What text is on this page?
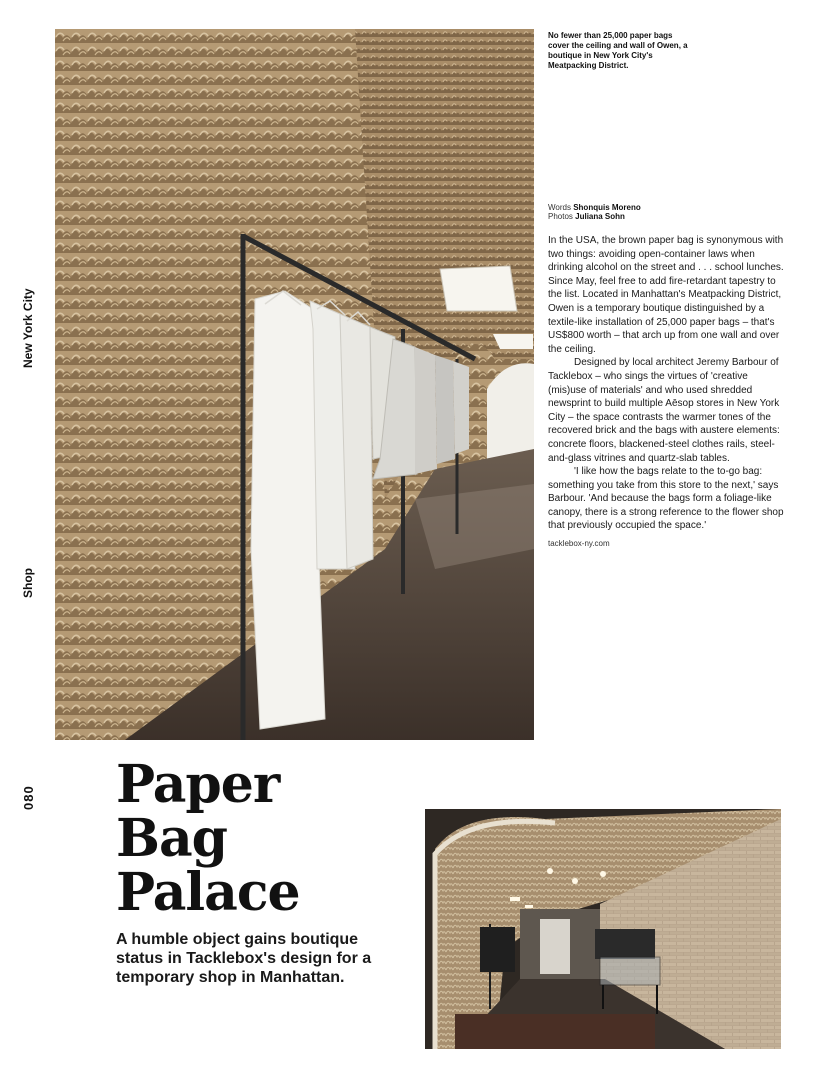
New York City
Shop
080
No fewer than 25,000 paper bags cover the ceiling and wall of Owen, a boutique in New York City's Meatpacking District.
Words Shonquis Moreno
Photos Juliana Sohn

In the USA, the brown paper bag is synonymous with two things: avoiding open-container laws when drinking alcohol on the street and . . . school lunches. Since May, feel free to add fire-retardant tapestry to the list. Located in Manhattan's Meatpacking District, Owen is a temporary boutique distinguished by a textile-like installation of 25,000 paper bags – that's US$800 worth – that arch up from one wall and over the ceiling.

Designed by local architect Jeremy Barbour of Tacklebox – who sings the virtues of 'creative (mis)use of materials' and who used shredded newsprint to build multiple Aēsop stores in New York City – the space contrasts the warmer tones of the recovered brick and the bags with austere elements: concrete floors, blackened-steel clothes rails, steel-and-glass vitrines and quartz-slab tables.

'I like how the bags relate to the to-go bag: something you take from this store to the next,' says Barbour. 'And because the bags form a foliage-like canopy, there is a strong reference to the flower shop that previously occupied the space.'

tacklebox-ny.com
Paper
Bag
Palace
A humble object gains boutique status in Tacklebox's design for a temporary shop in Manhattan.
